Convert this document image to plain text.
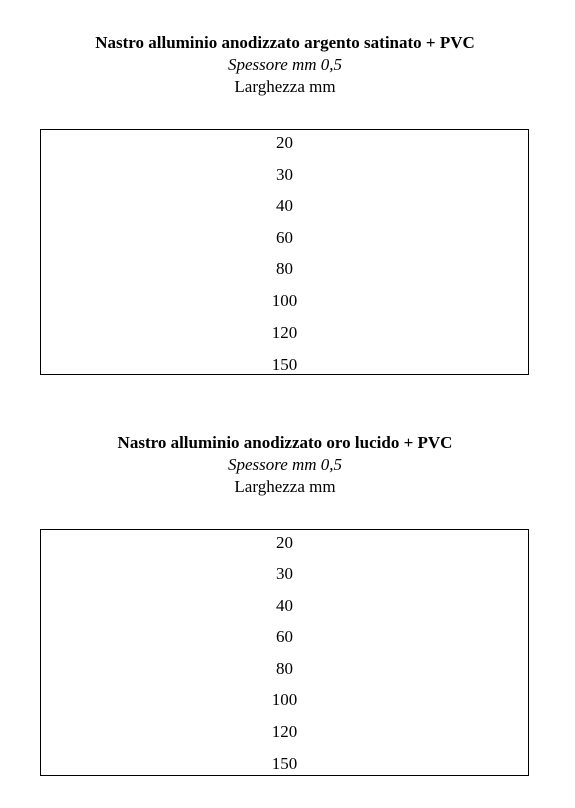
Nastro alluminio anodizzato argento satinato + PVC
Spessore mm 0,5
Larghezza mm
20
30
40
60
80
100
120
150
Nastro alluminio anodizzato oro lucido + PVC
Spessore mm 0,5
Larghezza mm
20
30
40
60
80
100
120
150
